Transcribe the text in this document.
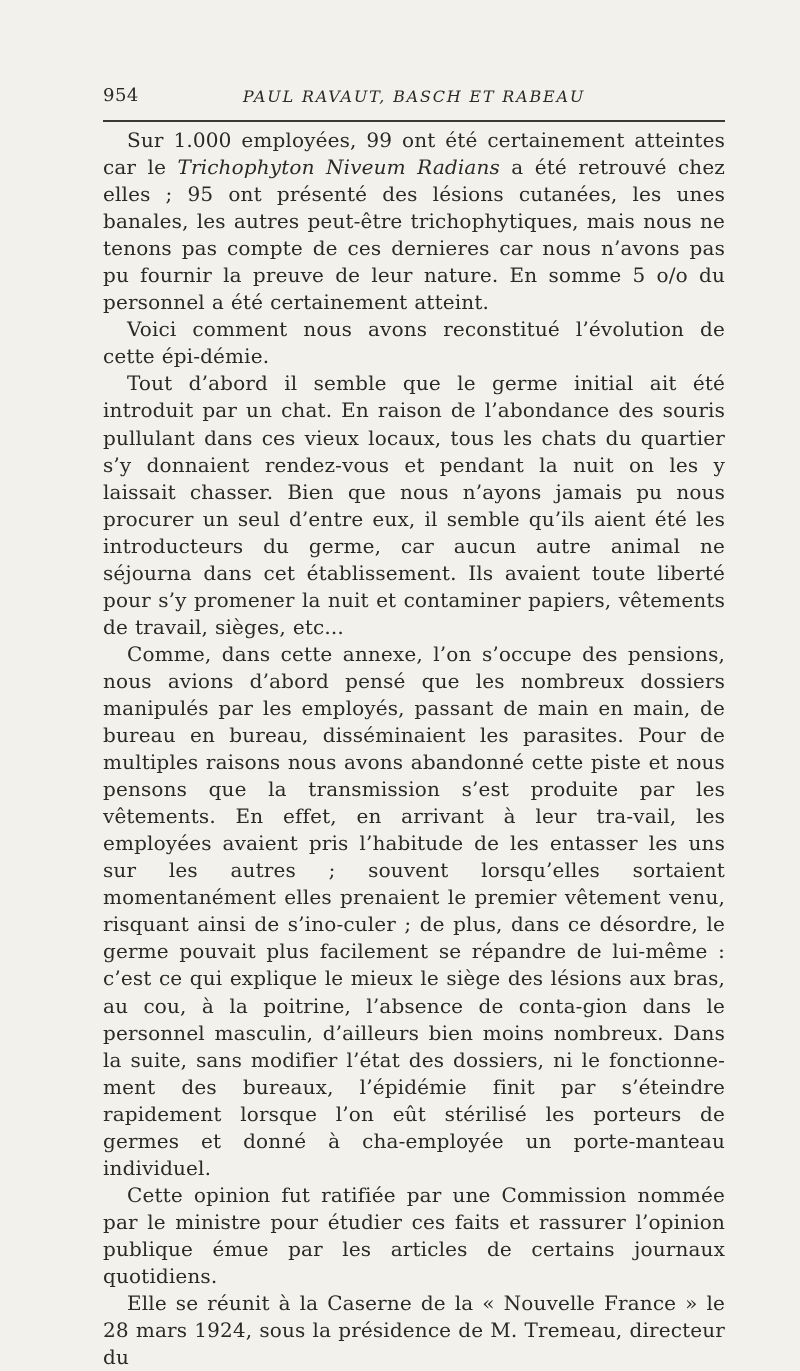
954	PAUL RAVAUT, BASCH ET RABEAU

Sur 1.000 employées, 99 ont été certainement atteintes car le Trichophyton Niveum Radians a été retrouvé chez elles ; 95 ont présenté des lésions cutanées, les unes banales, les autres peut-être trichophytiques, mais nous ne tenons pas compte de ces dernieres car nous n’avons pas pu fournir la preuve de leur nature. En somme 5 o/o du personnel a été certainement atteint.

Voici comment nous avons reconstitué l’évolution de cette épi-démie.

Tout d’abord il semble que le germe initial ait été introduit par un chat. En raison de l’abondance des souris pullulant dans ces vieux locaux, tous les chats du quartier s’y donnaient rendez-vous et pendant la nuit on les y laissait chasser. Bien que nous n’ayons jamais pu nous procurer un seul d’entre eux, il semble qu’ils aient été les introducteurs du germe, car aucun autre animal ne séjourna dans cet établissement. Ils avaient toute liberté pour s’y promener la nuit et contaminer papiers, vêtements de travail, sièges, etc...

Comme, dans cette annexe, l’on s’occupe des pensions, nous avions d’abord pensé que les nombreux dossiers manipulés par les employés, passant de main en main, de bureau en bureau, disséminaient les parasites. Pour de multiples raisons nous avons abandonné cette piste et nous pensons que la transmission s’est produite par les vêtements. En effet, en arrivant à leur tra-vail, les employées avaient pris l’habitude de les entasser les uns sur les autres ; souvent lorsqu’elles sortaient momentanément elles prenaient le premier vêtement venu, risquant ainsi de s’ino-culer ; de plus, dans ce désordre, le germe pouvait plus facilement se répandre de lui-même : c’est ce qui explique le mieux le siège des lésions aux bras, au cou, à la poitrine, l’absence de conta-gion dans le personnel masculin, d’ailleurs bien moins nombreux. Dans la suite, sans modifier l’état des dossiers, ni le fonctionne-ment des bureaux, l’épidémie finit par s’éteindre rapidement lorsque l’on eût stérilisé les porteurs de germes et donné à cha-employée un porte-manteau individuel.

Cette opinion fut ratifiée par une Commission nommée par le ministre pour étudier ces faits et rassurer l’opinion publique émue par les articles de certains journaux quotidiens.

Elle se réunit à la Caserne de la « Nouvelle France » le 28 mars 1924, sous la présidence de M. Tremeau, directeur du
